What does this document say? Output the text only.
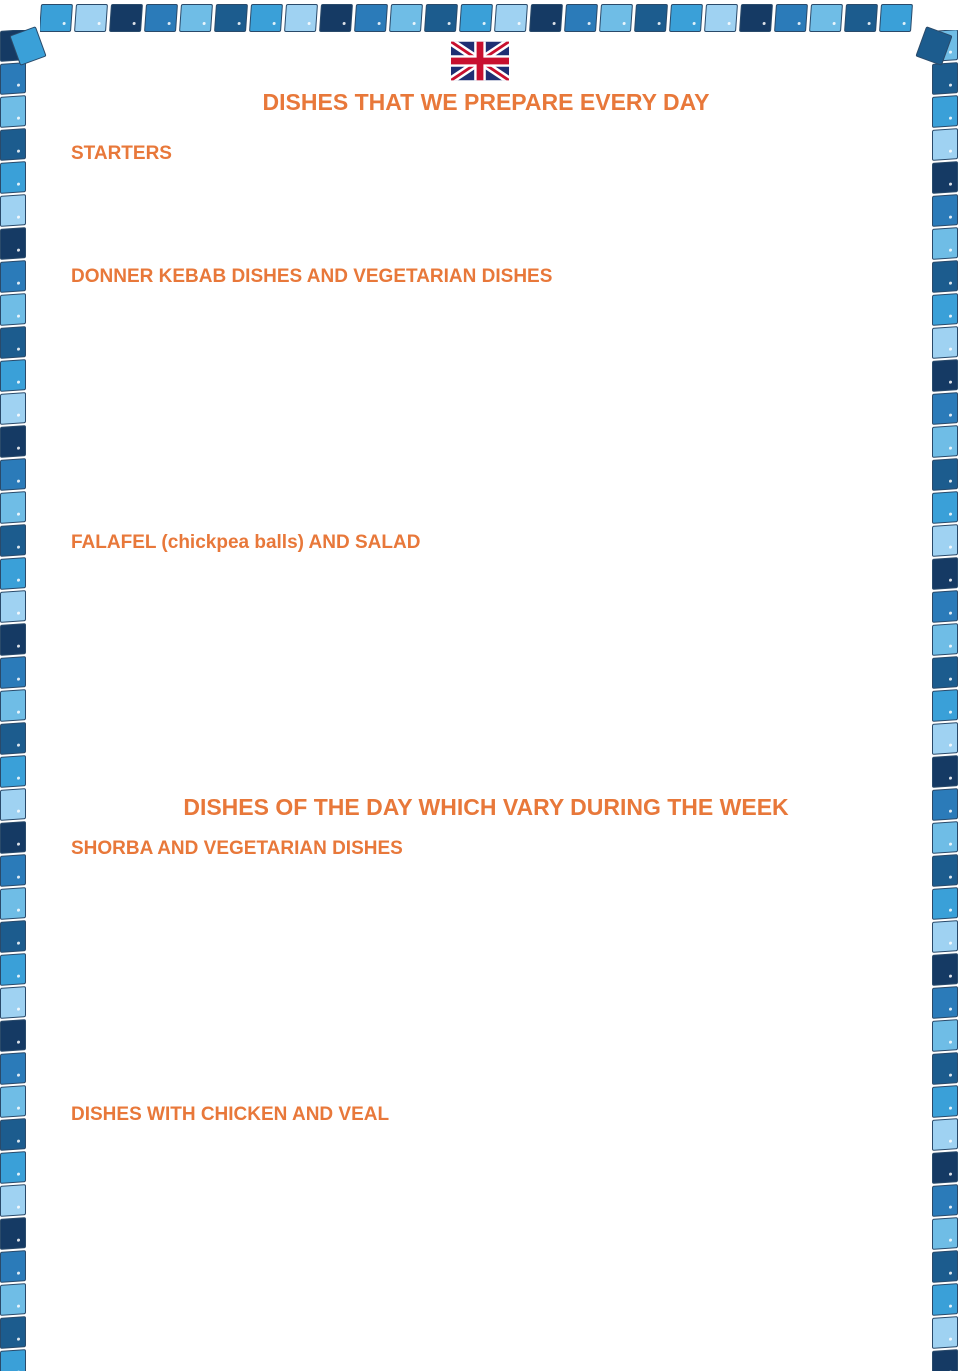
DISHES THAT WE PREPARE EVERY DAY
STARTERS
DONNER KEBAB DISHES AND VEGETARIAN DISHES
FALAFEL (chickpea balls) AND SALAD
DISHES OF THE DAY WHICH VARY DURING THE WEEK
SHORBA AND VEGETARIAN DISHES
DISHES WITH CHICKEN AND VEAL
